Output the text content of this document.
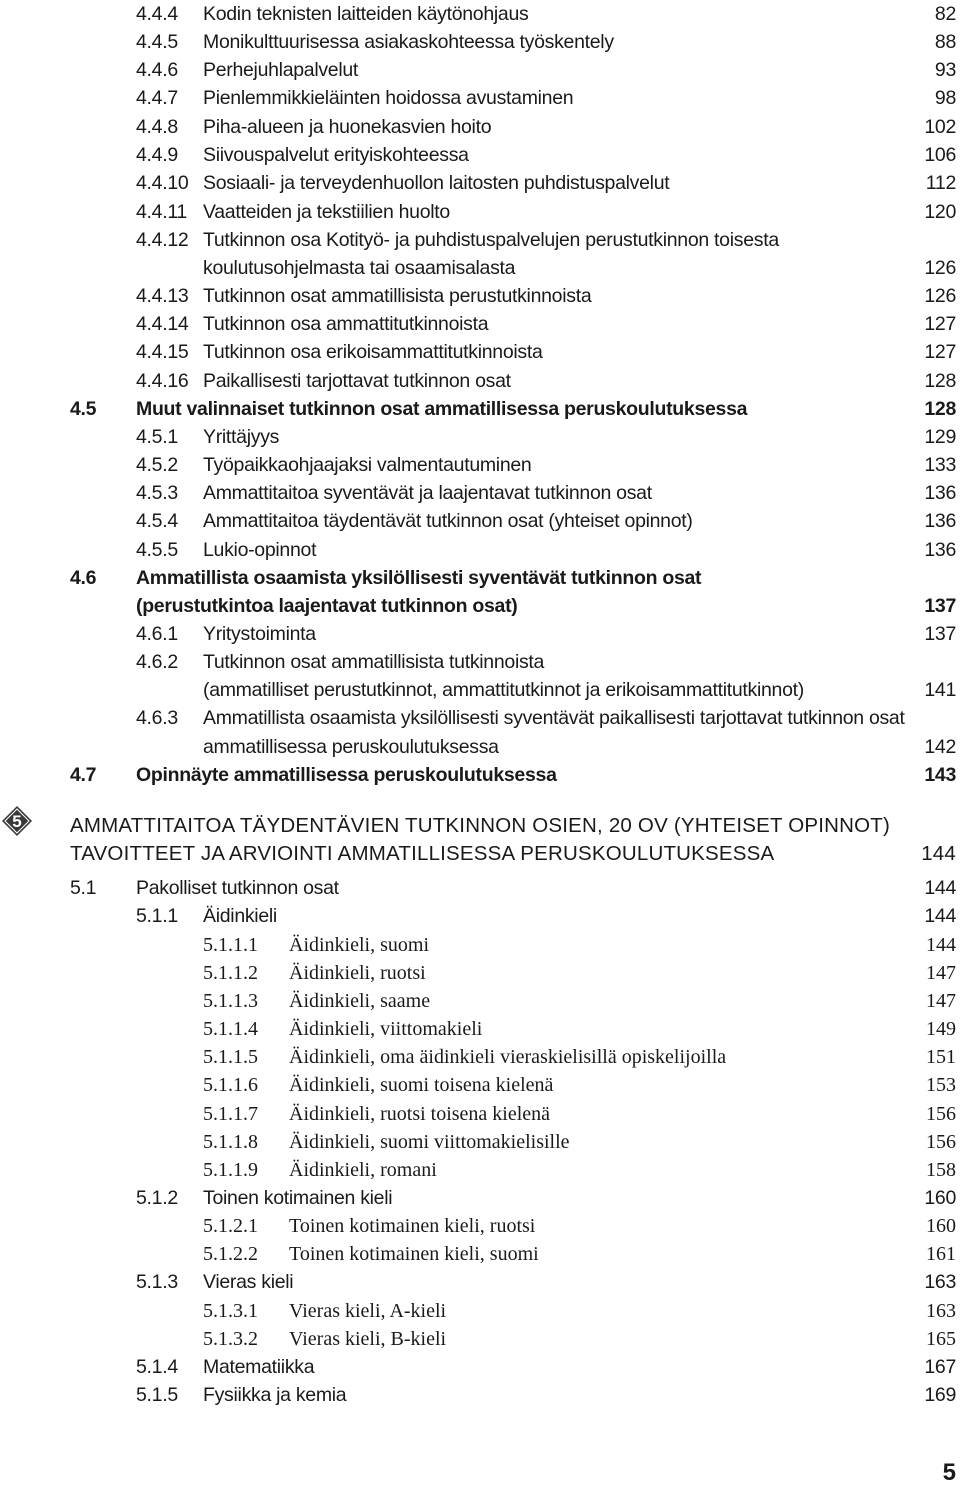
4.4.4 Kodin teknisten laitteiden käytönohjaus	82
4.4.5 Monikulttuurisessa asiakaskohteessa työskentely	88
4.4.6 Perhejuhlapalvelut	93
4.4.7 Pienlemmikkieläinten hoidossa avustaminen	98
4.4.8 Piha-alueen ja huonekasvien hoito	102
4.4.9 Siivouspalvelut erityiskohteessa	106
4.4.10 Sosiaali- ja terveydenhuollon laitosten puhdistuspalvelut	112
4.4.11 Vaatteiden ja tekstiilien huolto	120
4.4.12 Tutkinnon osa Kotityö- ja puhdistuspalvelujen perustutkinnon toisesta
koulutusohjelmasta tai osaamisalasta	126
4.4.13 Tutkinnon osat ammatillisista perustutkinnoista	126
4.4.14 Tutkinnon osa ammattitutkinnoista	127
4.4.15 Tutkinnon osa erikoisammattitutkinnoista	127
4.4.16 Paikallisesti tarjottavat tutkinnon osat	128
4.5 Muut valinnaiset tutkinnon osat ammatillisessa peruskoulutuksessa	128
4.5.1 Yrittäjyys	129
4.5.2 Työpaikkaohjaajaksi valmentautuminen	133
4.5.3 Ammattitaitoa syventävät ja laajentavat tutkinnon osat	136
4.5.4 Ammattitaitoa täydentävät tutkinnon osat (yhteiset opinnot)	136
4.5.5 Lukio-opinnot	136
4.6 Ammatillista osaamista yksilöllisesti syventävät tutkinnon osat
(perustutkintoa laajentavat tutkinnon osat)	137
4.6.1 Yritystoiminta	137
4.6.2 Tutkinnon osat ammatillisista tutkinnoista
(ammatilliset perustutkinnot, ammattitutkinnot ja erikoisammattitutkinnot)	141
4.6.3 Ammatillista osaamista yksilöllisesti syventävät paikallisesti tarjottavat tutkinnon osat
ammatillisessa peruskoulutuksessa	142
4.7 Opinnäyte ammatillisessa peruskoulutuksessa	143
5 AMMATTITAITOA TÄYDENTÄVIEN TUTKINNON OSIEN, 20 OV (YHTEISET OPINNOT)
TAVOITTEET JA ARVIOINTI AMMATILLISESSA PERUSKOULUTUKSESSA	144
5.1 Pakolliset tutkinnon osat	144
5.1.1 Äidinkieli	144
5.1.1.1 Äidinkieli, suomi	144
5.1.1.2 Äidinkieli, ruotsi	147
5.1.1.3 Äidinkieli, saame	147
5.1.1.4 Äidinkieli, viittomakieli	149
5.1.1.5 Äidinkieli, oma äidinkieli vieraskielisillä opiskelijoilla	151
5.1.1.6 Äidinkieli, suomi toisena kielenä	153
5.1.1.7 Äidinkieli, ruotsi toisena kielenä	156
5.1.1.8 Äidinkieli, suomi viittomakielisille	156
5.1.1.9 Äidinkieli, romani	158
5.1.2 Toinen kotimainen kieli	160
5.1.2.1 Toinen kotimainen kieli, ruotsi	160
5.1.2.2 Toinen kotimainen kieli, suomi	161
5.1.3 Vieras kieli	163
5.1.3.1 Vieras kieli, A-kieli	163
5.1.3.2 Vieras kieli, B-kieli	165
5.1.4 Matematiikka	167
5.1.5 Fysiikka ja kemia	169
5
